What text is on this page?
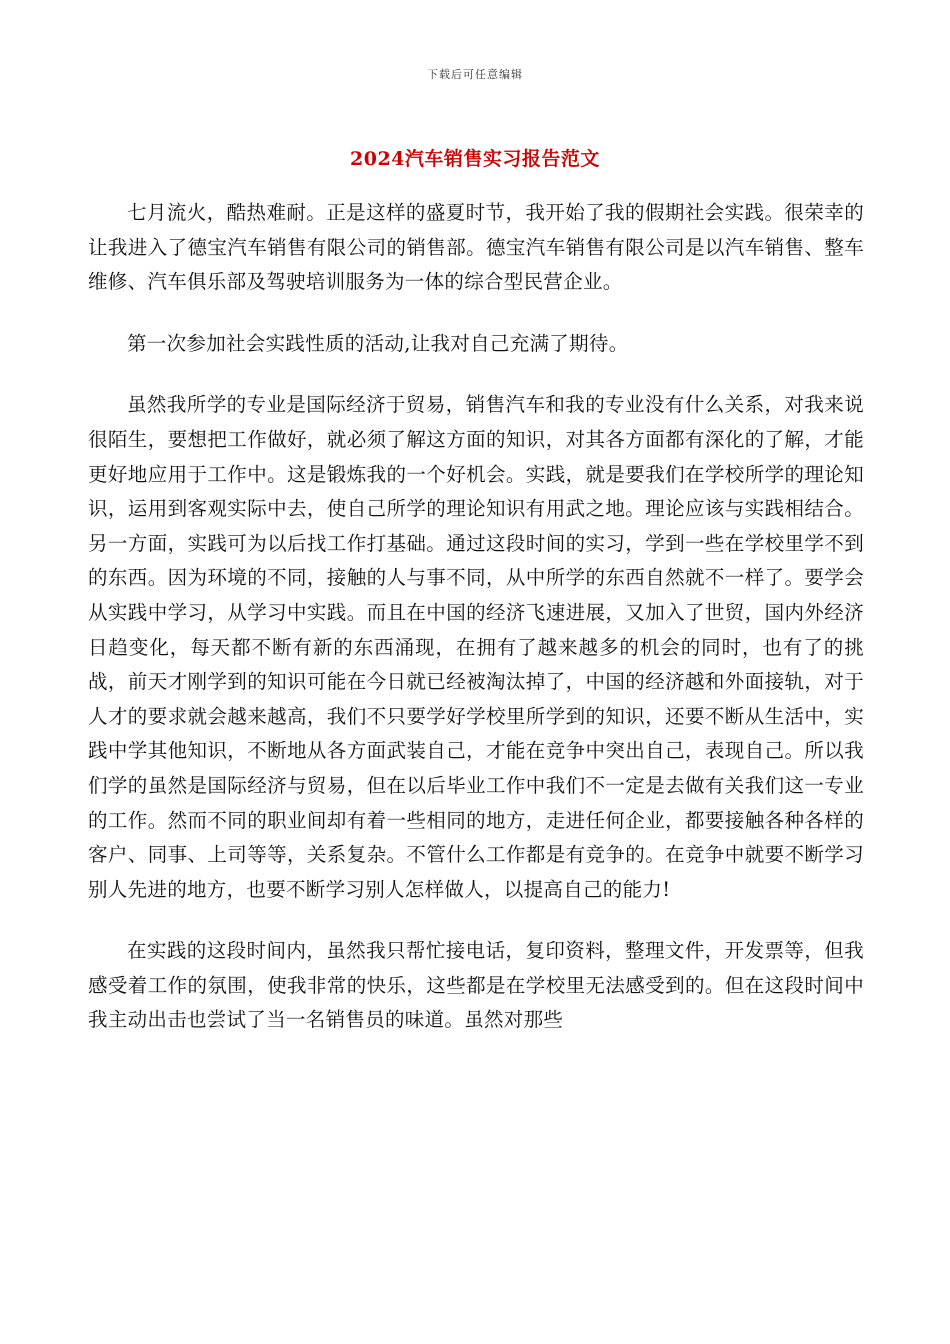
下载后可任意编辑
2024汽车销售实习报告范文

七月流火，酷热难耐。正是这样的盛夏时节，我开始了我的假期社会实践。很荣幸的让我进入了德宝汽车销售有限公司的销售部。德宝汽车销售有限公司是以汽车销售、整车维修、汽车俱乐部及驾驶培训服务为一体的综合型民营企业。

第一次参加社会实践性质的活动,让我对自己充满了期待。

虽然我所学的专业是国际经济于贸易，销售汽车和我的专业没有什么关系，对我来说很陌生，要想把工作做好，就必须了解这方面的知识，对其各方面都有深化的了解，才能更好地应用于工作中。这是锻炼我的一个好机会。实践，就是要我们在学校所学的理论知识，运用到客观实际中去，使自己所学的理论知识有用武之地。理论应该与实践相结合。另一方面，实践可为以后找工作打基础。通过这段时间的实习，学到一些在学校里学不到的东西。因为环境的不同，接触的人与事不同，从中所学的东西自然就不一样了。要学会从实践中学习，从学习中实践。而且在中国的经济飞速进展，又加入了世贸，国内外经济日趋变化，每天都不断有新的东西涌现，在拥有了越来越多的机会的同时，也有了的挑战，前天才刚学到的知识可能在今日就已经被淘汰掉了，中国的经济越和外面接轨，对于人才的要求就会越来越高，我们不只要学好学校里所学到的知识，还要不断从生活中，实践中学其他知识，不断地从各方面武装自己，才能在竞争中突出自己，表现自己。所以我们学的虽然是国际经济与贸易，但在以后毕业工作中我们不一定是去做有关我们这一专业的工作。然而不同的职业间却有着一些相同的地方，走进任何企业，都要接触各种各样的客户、同事、上司等等，关系复杂。不管什么工作都是有竞争的。在竞争中就要不断学习别人先进的地方，也要不断学习别人怎样做人，以提高自己的能力!

在实践的这段时间内，虽然我只帮忙接电话，复印资料，整理文件，开发票等，但我感受着工作的氛围，使我非常的快乐，这些都是在学校里无法感受到的。但在这段时间中我主动出击也尝试了当一名销售员的味道。虽然对那些
